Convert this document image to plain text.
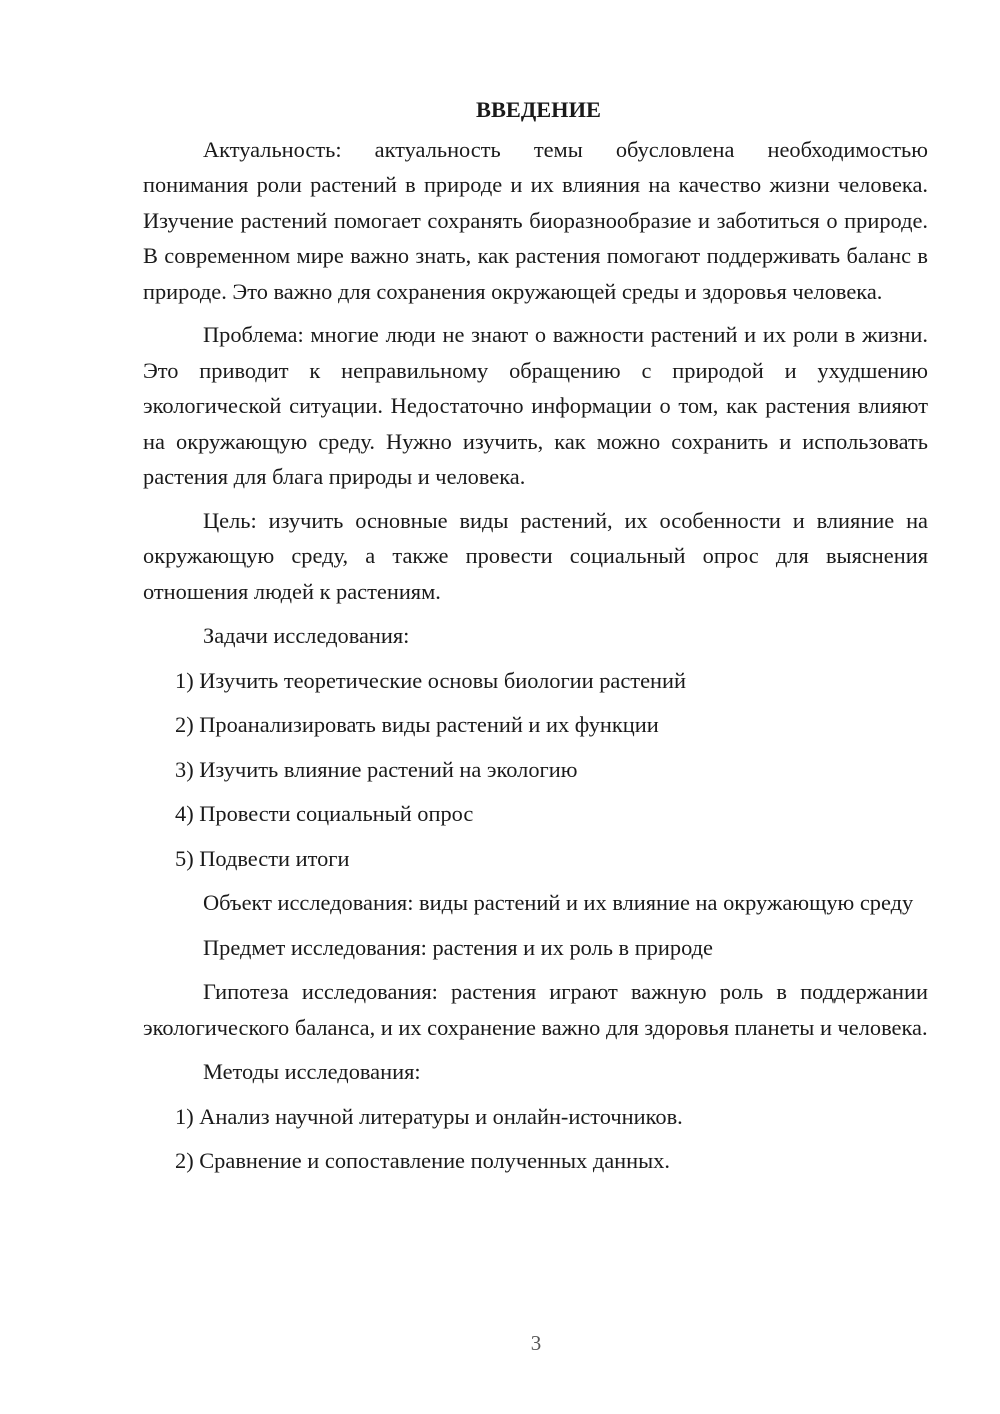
ВВЕДЕНИЕ

Актуальность: актуальность темы обусловлена необходимостью понимания роли растений в природе и их влияния на качество жизни человека. Изучение растений помогает сохранять биоразнообразие и заботиться о природе. В современном мире важно знать, как растения помогают поддерживать баланс в природе. Это важно для сохранения окружающей среды и здоровья человека.

Проблема: многие люди не знают о важности растений и их роли в жизни. Это приводит к неправильному обращению с природой и ухудшению экологической ситуации. Недостаточно информации о том, как растения влияют на окружающую среду. Нужно изучить, как можно сохранить и использовать растения для блага природы и человека.

Цель: изучить основные виды растений, их особенности и влияние на окружающую среду, а также провести социальный опрос для выяснения отношения людей к растениям.

Задачи исследования:

1) Изучить теоретические основы биологии растений

2) Проанализировать виды растений и их функции

3) Изучить влияние растений на экологию

4) Провести социальный опрос

5) Подвести итоги

Объект исследования: виды растений и их влияние на окружающую среду

Предмет исследования: растения и их роль в природе

Гипотеза исследования: растения играют важную роль в поддержании экологического баланса, и их сохранение важно для здоровья планеты и человека.

Методы исследования:

1) Анализ научной литературы и онлайн-источников.

2) Сравнение и сопоставление полученных данных.

3
